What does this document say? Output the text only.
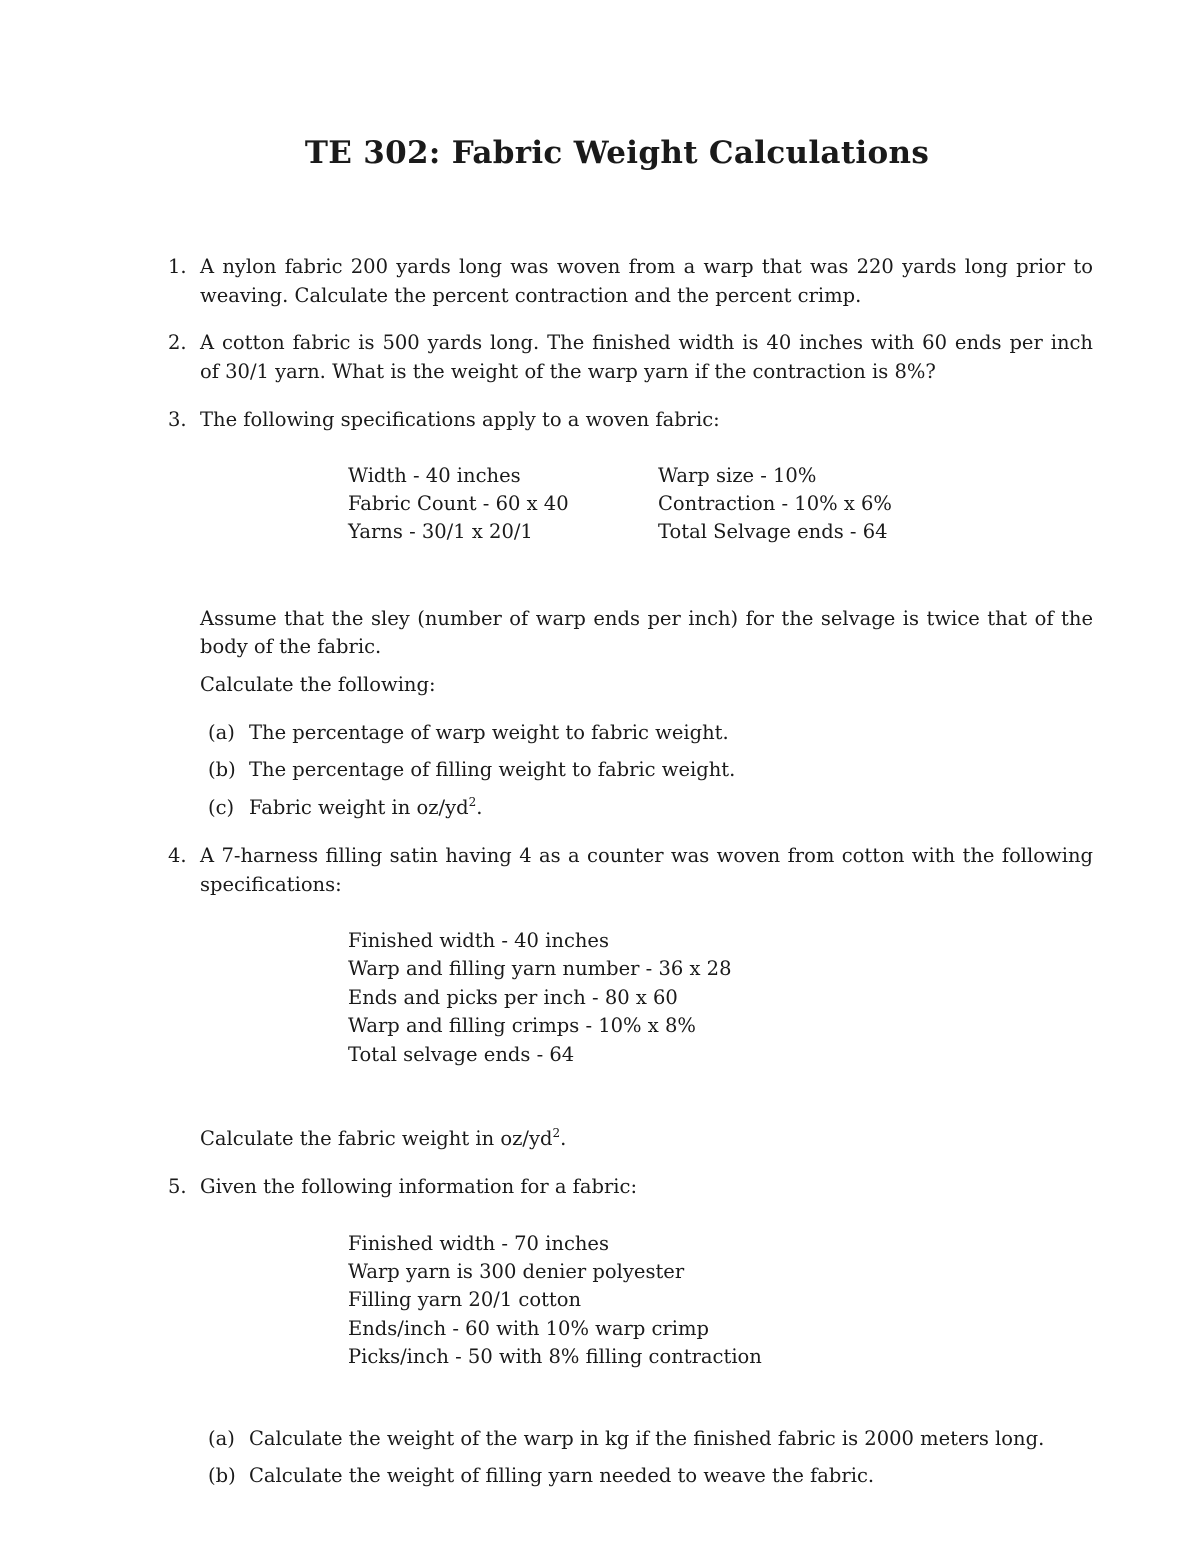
TE 302: Fabric Weight Calculations
1. A nylon fabric 200 yards long was woven from a warp that was 220 yards long prior to
weaving. Calculate the percent contraction and the percent crimp.
2. A cotton fabric is 500 yards long. The finished width is 40 inches with 60 ends per inch
of 30/1 yarn. What is the weight of the warp yarn if the contraction is 8%?
3. The following specifications apply to a woven fabric:
Width - 40 inches
Fabric Count - 60 x 40
Yarns - 30/1 x 20/1
Warp size - 10%
Contraction - 10% x 6%
Total Selvage ends - 64
Assume that the sley (number of warp ends per inch) for the selvage is twice that of the
body of the fabric.
Calculate the following:
(a) The percentage of warp weight to fabric weight.
(b) The percentage of filling weight to fabric weight.
(c) Fabric weight in $oz/yd^2$.
4. A 7-harness filling satin having 4 as a counter was woven from cotton with the following
specifications:
Finished width - 40 inches
Warp and filling yarn number - 36 x 28
Ends and picks per inch - 80 x 60
Warp and filling crimps - 10% x 8%
Total selvage ends - 64
Calculate the fabric weight in $oz/yd^2$.
5. Given the following information for a fabric:
Finished width - 70 inches
Warp yarn is 300 denier polyester
Filling yarn 20/1 cotton
Ends/inch - 60 with 10% warp crimp
Picks/inch - 50 with 8% filling contraction
(a) Calculate the weight of the warp in kg if the finished fabric is 2000 meters long.
(b) Calculate the weight of filling yarn needed to weave the fabric.
